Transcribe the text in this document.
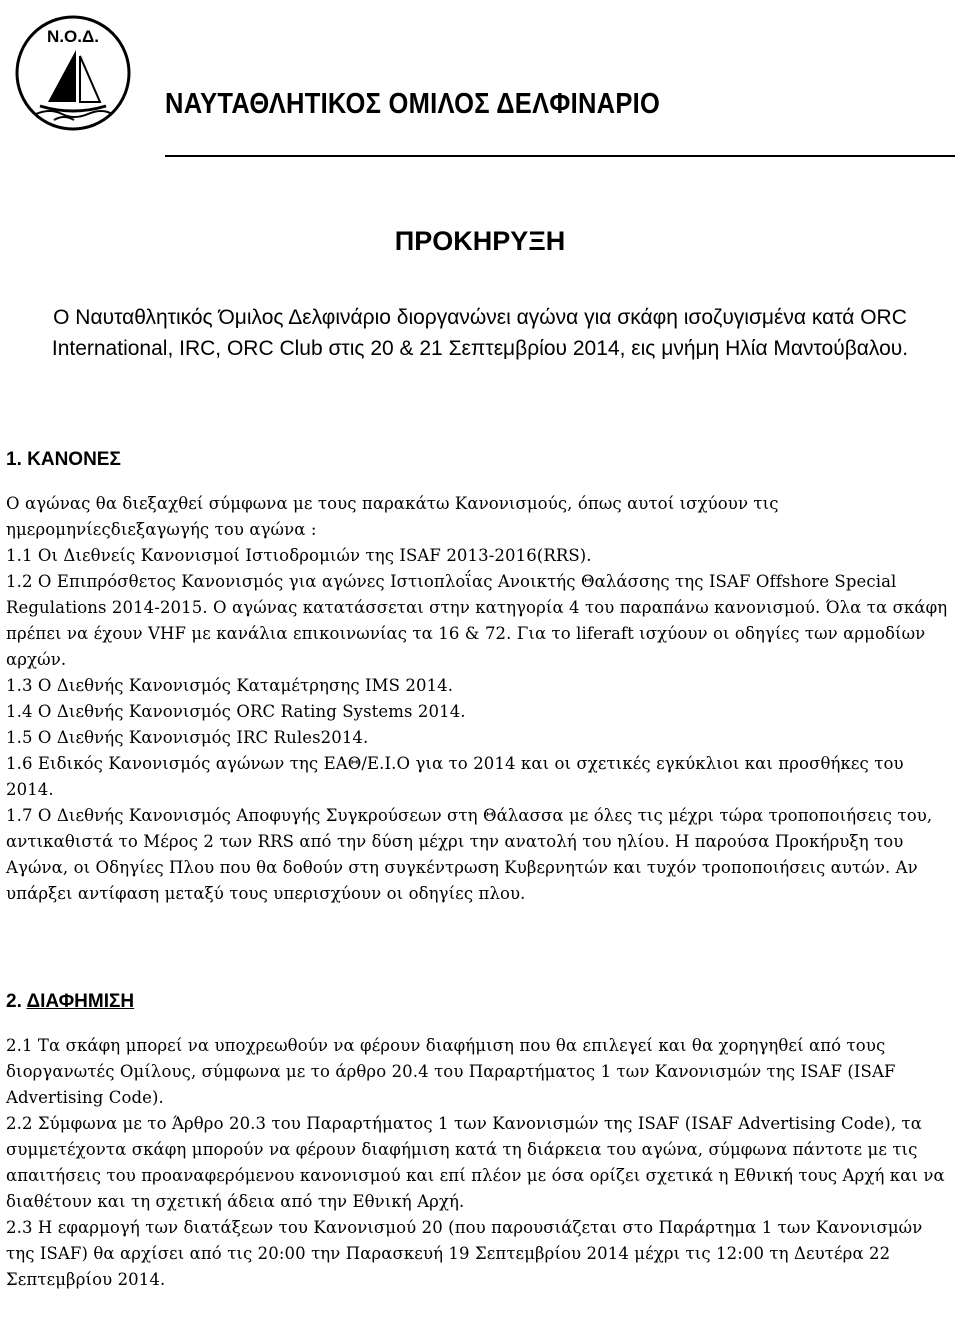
Ν.Ο.Δ.
ΝΑΥΤΑΘΛΗΤΙΚΟΣ ΟΜΙΛΟΣ ΔΕΛΦΙΝΑΡΙΟ
ΠΡΟΚΗΡΥΞΗ
Ο Ναυταθλητικός Όμιλος Δελφινάριο διοργανώνει αγώνα για σκάφη ισοζυγισμένα κατά ORC International, IRC, ORC Club στις 20 & 21 Σεπτεμβρίου 2014, εις μνήμη Ηλία Μαντούβαλου.
1. ΚΑΝΟΝΕΣ

Ο αγώνας θα διεξαχθεί σύμφωνα με τους παρακάτω Κανονισμούς, όπως αυτοί ισχύουν τις ημερομηνίεςδιεξαγωγής του αγώνα :

1.1 Οι Διεθνείς Κανονισμοί Ιστιοδρομιών της ISAF 2013-2016(RRS).

1.2 Ο Επιπρόσθετος Κανονισμός για αγώνες Ιστιοπλοΐας Ανοικτής Θαλάσσης της ISAF Offshore Special Regulations 2014-2015. Ο αγώνας κατατάσσεται στην κατηγορία 4 του παραπάνω κανονισμού. Όλα τα σκάφη πρέπει να έχουν VHF με κανάλια επικοινωνίας τα 16 & 72. Για το liferaft ισχύουν οι οδηγίες των αρμοδίων αρχών.

1.3 Ο Διεθνής Κανονισμός Καταμέτρησης IMS 2014.

1.4 Ο Διεθνής Κανονισμός ORC Rating Systems 2014.

1.5 Ο Διεθνής Κανονισμός IRC Rules2014.

1.6 Ειδικός Κανονισμός αγώνων της ΕΑΘ/Ε.Ι.Ο για το 2014 και οι σχετικές εγκύκλιοι και προσθήκες του 2014.

1.7 Ο Διεθνής Κανονισμός Αποφυγής Συγκρούσεων στη Θάλασσα με όλες τις μέχρι τώρα τροποποιήσεις του, αντικαθιστά το Μέρος 2 των RRS από την δύση μέχρι την ανατολή του ηλίου. Η παρούσα Προκήρυξη του Αγώνα, οι Οδηγίες Πλου που θα δοθούν στη συγκέντρωση Κυβερνητών και τυχόν τροποποιήσεις αυτών. Αν υπάρξει αντίφαση μεταξύ τους υπερισχύουν οι οδηγίες πλου.

2. ΔΙΑΦΗΜΙΣΗ

2.1 Τα σκάφη μπορεί να υποχρεωθούν να φέρουν διαφήμιση που θα επιλεγεί και θα χορηγηθεί από τους διοργανωτές Ομίλους, σύμφωνα με το άρθρο 20.4 του Παραρτήματος 1 των Κανονισμών της ISAF (ISAF Advertising Code).

2.2 Σύμφωνα με το Άρθρο 20.3 του Παραρτήματος 1 των Κανονισμών της ISAF (ISAF Advertising Code), τα συμμετέχοντα σκάφη μπορούν να φέρουν διαφήμιση κατά τη διάρκεια του αγώνα, σύμφωνα πάντοτε με τις απαιτήσεις του προαναφερόμενου κανονισμού και επί πλέον με όσα ορίζει σχετικά η Εθνική τους Αρχή και να διαθέτουν και τη σχετική άδεια από την Εθνική Αρχή.

2.3 Η εφαρμογή των διατάξεων του Κανονισμού 20 (που παρουσιάζεται στο Παράρτημα 1 των Κανονισμών της ISAF) θα αρχίσει από τις 20:00 την Παρασκευή 19 Σεπτεμβρίου 2014 μέχρι τις 12:00 τη Δευτέρα 22 Σεπτεμβρίου 2014.
